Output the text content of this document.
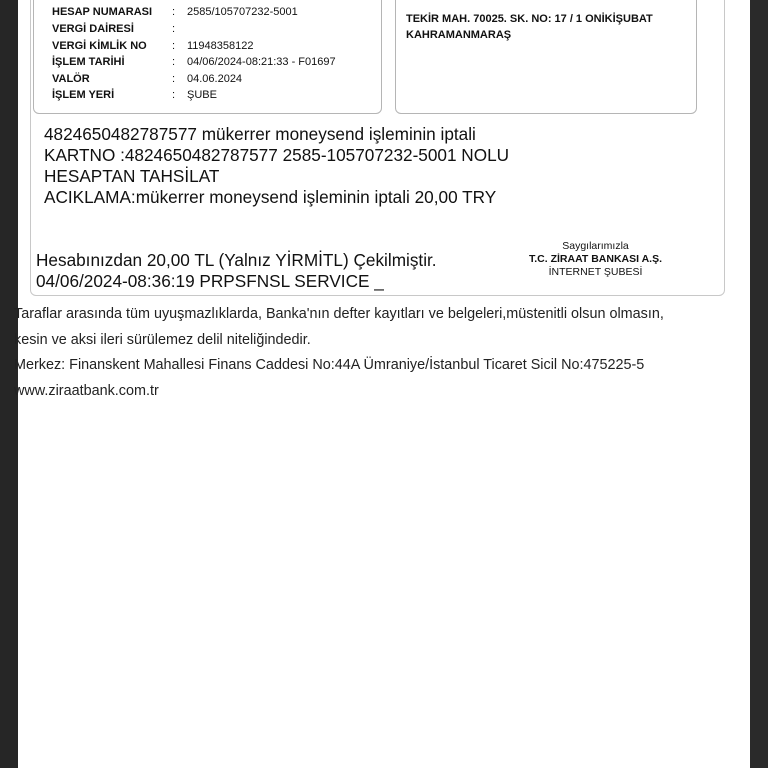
HESAP NUMARASI	: 2585/105707232-5001
VERGİ DAİRESİ	:
VERGİ KİMLİK NO	: 11948358122
İŞLEM TARİHİ	: 04/06/2024-08:21:33 - F01697
VALÖR	: 04.06.2024
İŞLEM YERİ	: ŞUBE
TEKİR MAH. 70025. SK. NO: 17 / 1 ONİKİŞUBAT
KAHRAMANMARAŞ
4824650482787577 mükerrer moneysend işleminin iptali
KARTNO :4824650482787577 2585-105707232-5001 NOLU
HESAPTAN TAHSİLAT
ACIKLAMA:mükerrer moneysend işleminin iptali 20,00 TRY
Hesabınızdan 20,00 TL (Yalnız YİRMİTL) Çekilmiştir.
04/06/2024-08:36:19 PRPSFNSL SERVICE _
Saygılarımızla
T.C. ZİRAAT BANKASI A.Ş.
İNTERNET ŞUBESİ
Taraflar arasında tüm uyuşmazlıklarda, Banka'nın defter kayıtları ve belgeleri,müstenitli olsun olmasın,
kesin ve aksi ileri sürülemez delil niteliğindedir.
Merkez: Finanskent Mahallesi Finans Caddesi No:44A Ümraniye/İstanbul Ticaret Sicil No:475225-5
www.ziraatbank.com.tr
